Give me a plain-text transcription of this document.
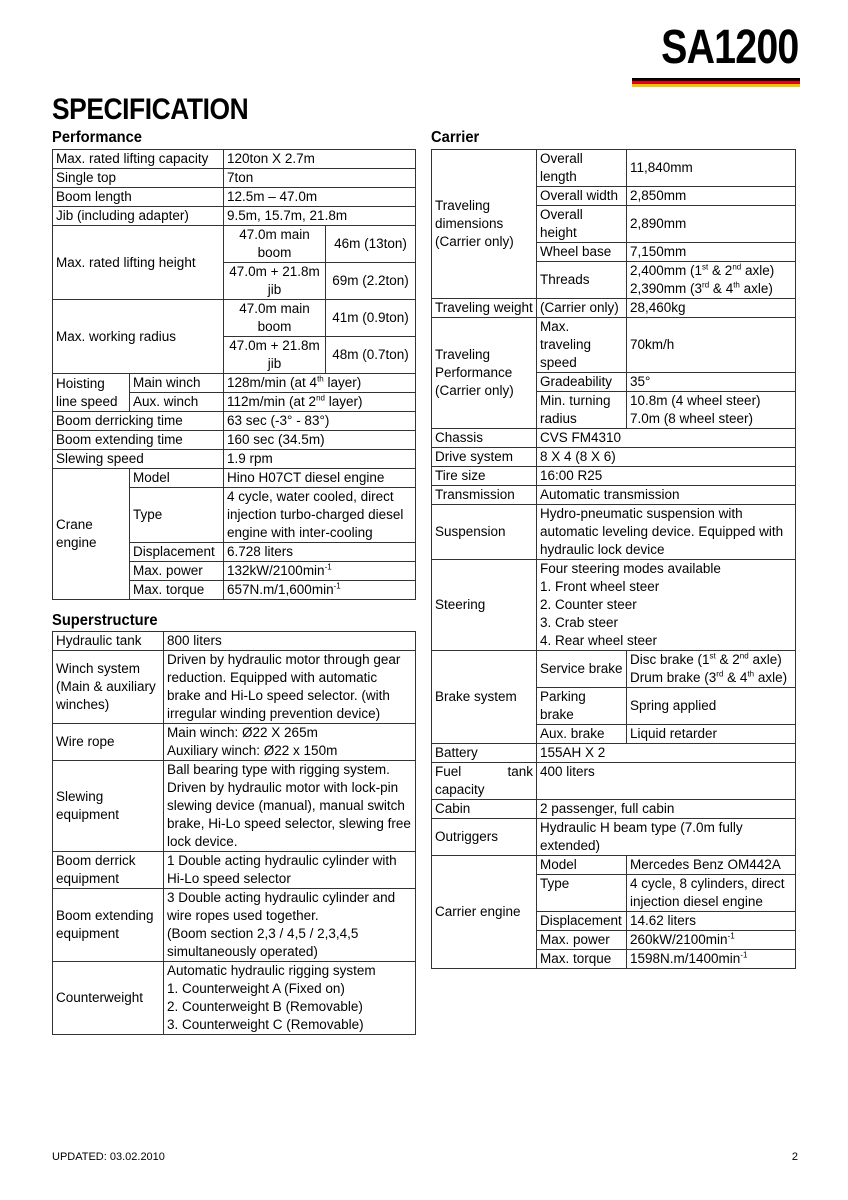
SA1200
SPECIFICATION
Performance
Max. rated lifting capacity		120ton X 2.7m	
Single top		7ton	
Boom length		12.5m – 47.0m	
Jib (including adapter)		9.5m, 15.7m, 21.8m	
Max. rated lifting height		47.0m main boom	46m (13ton)
		47.0m + 21.8m jib	69m (2.2ton)
Max. working radius		47.0m main boom	41m (0.9ton)
		47.0m + 21.8m jib	48m (0.7ton)
Hoisting line speed	Main winch	128m/min (at 4th layer)	
	Aux. winch	112m/min (at 2nd layer)	
Boom derricking time		63 sec (-3° - 83°)	
Boom extending time		160 sec (34.5m)	
Slewing speed		1.9 rpm	
Crane engine	Model	Hino H07CT diesel engine	
	Type	4 cycle, water cooled, direct injection turbo-charged diesel engine with inter-cooling	
	Displacement	6.728 liters	
	Max. power	$132kW/2100\min^{-1}$
	Max. torque	$657N.m/1,600\min^{-1}$
Superstructure
Hydraulic tank	800 liters
Winch system (Main & auxiliary winches)	Driven by hydraulic motor through gear reduction. Equipped with automatic brake and Hi-Lo speed selector. (with irregular winding prevention device)
Wire rope	Main winch: Ø22 X 265m
Auxiliary winch: Ø22 x 150m

Slewing equipment	Ball bearing type with rigging system. Driven by hydraulic motor with lock-pin slewing device (manual), manual switch brake, Hi-Lo speed selector, slewing free lock device.
Boom derrick equipment	1 Double acting hydraulic cylinder with Hi-Lo speed selector
Boom extending equipment	3 Double acting hydraulic cylinder and wire ropes used together.
(Boom section 2,3 / 4,5 / 2,3,4,5 simultaneously operated)

Counterweight	Automatic hydraulic rigging system
1. Counterweight A (Fixed on)
2. Counterweight B (Removable)
3. Counterweight C (Removable)
Carrier
Traveling dimensions (Carrier only)	Overall length	11,840mm
	Overall width	2,850mm
	Overall height	2,890mm
	Wheel base	7,150mm
	Threads	2,400mm (1st & 2nd axle)
2,390mm (3rd & 4th axle)

Traveling weight	(Carrier only)	28,460kg
Traveling Performance (Carrier only)	Max. traveling speed	70km/h
	Gradeability	35°
	Min. turning radius	10.8m (4 wheel steer)
7.0m (8 wheel steer)

Chassis	CVS FM4310	
Drive system	8 X 4 (8 X 6)	
Tire size	16:00 R25	
Transmission	Automatic transmission	
Suspension	Hydro-pneumatic suspension with automatic leveling device. Equipped with hydraulic lock device	
Steering	Four steering modes available
1. Front wheel steer
2. Counter steer
3. Crab steer
4. Rear wheel steer	

Brake system	Service brake	Disc brake (1st & 2nd axle)
Drum brake (3rd & 4th axle)

	Parking brake	Spring applied
	Aux. brake	Liquid retarder
Battery	155AH X 2	
Fuel tank capacity	400 liters	
Cabin	2 passenger, full cabin	
Outriggers	Hydraulic H beam type (7.0m fully extended)	
Carrier engine	Model	Mercedes Benz OM442A
	Type	4 cycle, 8 cylinders, direct injection diesel engine
	Displacement	14.62 liters
	Max. power	$260kW/2100\min^{-1}$
	Max. torque	$1598N.m/1400\min^{-1}$
UPDATED: 03.02.2010	2
